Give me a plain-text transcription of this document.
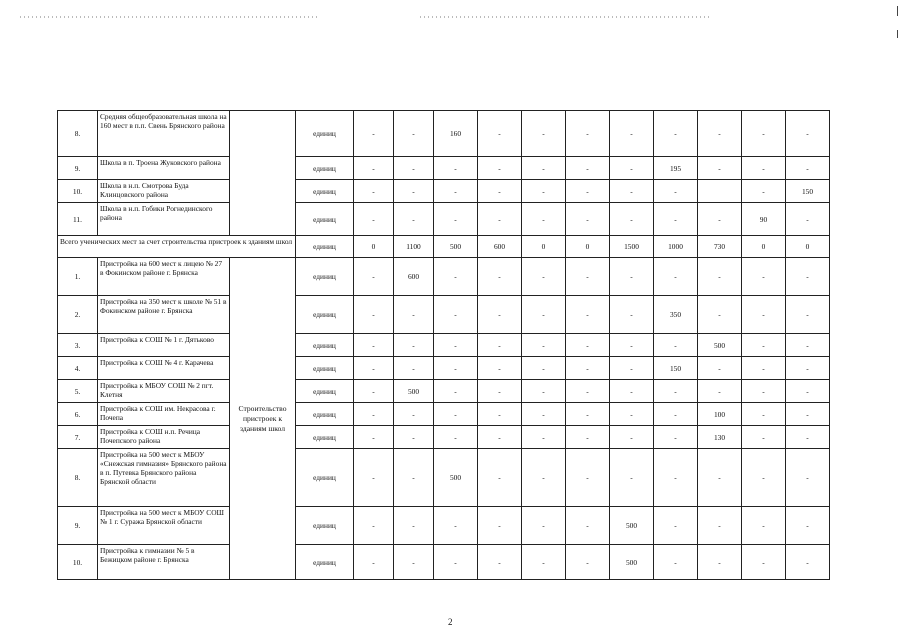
8.	Средняя общеобразовательная школа на 160 мест в п.п. Свень Брянского района		единиц	-	-	160	-	-	-	-	-	-	-	-
9.	Школа в п. Троена Жуковского района		единиц	-	-	-	-	-	-	-	195	-	-	-
10.	Школа в н.п. Смотрова Буда Клинцовского района		единиц	-	-	-	-	-	-	-	-		-	150
11.	Школа в н.п. Гобики Рогнединского района		единиц	-	-	-	-	-	-	-	-	-	90	-
Всего ученических мест за счет строительства пристроек к зданиям школ			единиц	0	1100	500	600	0	0	1500	1000	730	0	0
1.	Пристройка на 600 мест к лицею № 27 в Фокинском районе г. Брянска	Строительство пристроек к зданиям школ	единиц	-	600	-	-	-	-	-	-	-	-	-
2.	Пристройка на 350 мест к школе № 51 в Фокинском районе г. Брянска		единиц	-	-	-	-	-	-	-	350	-	-	-
3.	Пристройка к СОШ № 1 г. Дятьково		единиц	-	-	-	-	-	-	-	-	500	-	-
4.	Пристройка к СОШ № 4 г. Карачева		единиц	-	-	-	-	-	-	-	150	-	-	-
5.	Пристройка к МБОУ СОШ № 2 пгт. Клетня		единиц	-	500	-	-	-	-	-	-	-	-	-
6.	Пристройка к СОШ им. Некрасова г. Почепа		единиц	-	-	-	-	-	-	-	-	100	-	-
7.	Пристройка к СОШ н.п. Речица Почепского района		единиц	-	-	-	-	-	-	-	-	130	-	-
8.	Пристройка на 500 мест к МБОУ «Снежская гимназия» Брянского района в п. Путевка Брянского района Брянской области		единиц	-	-	500	-	-	-	-	-	-	-	-
9.	Пристройка на 500 мест к МБОУ СОШ № 1 г. Суража Брянской области		единиц	-	-	-	-	-	-	500	-	-	-	-
10.	Пристройка к гимназии № 5 в Бежицком районе г. Брянска		единиц	-	-	-	-	-	-	500	-	-	-	-
2
